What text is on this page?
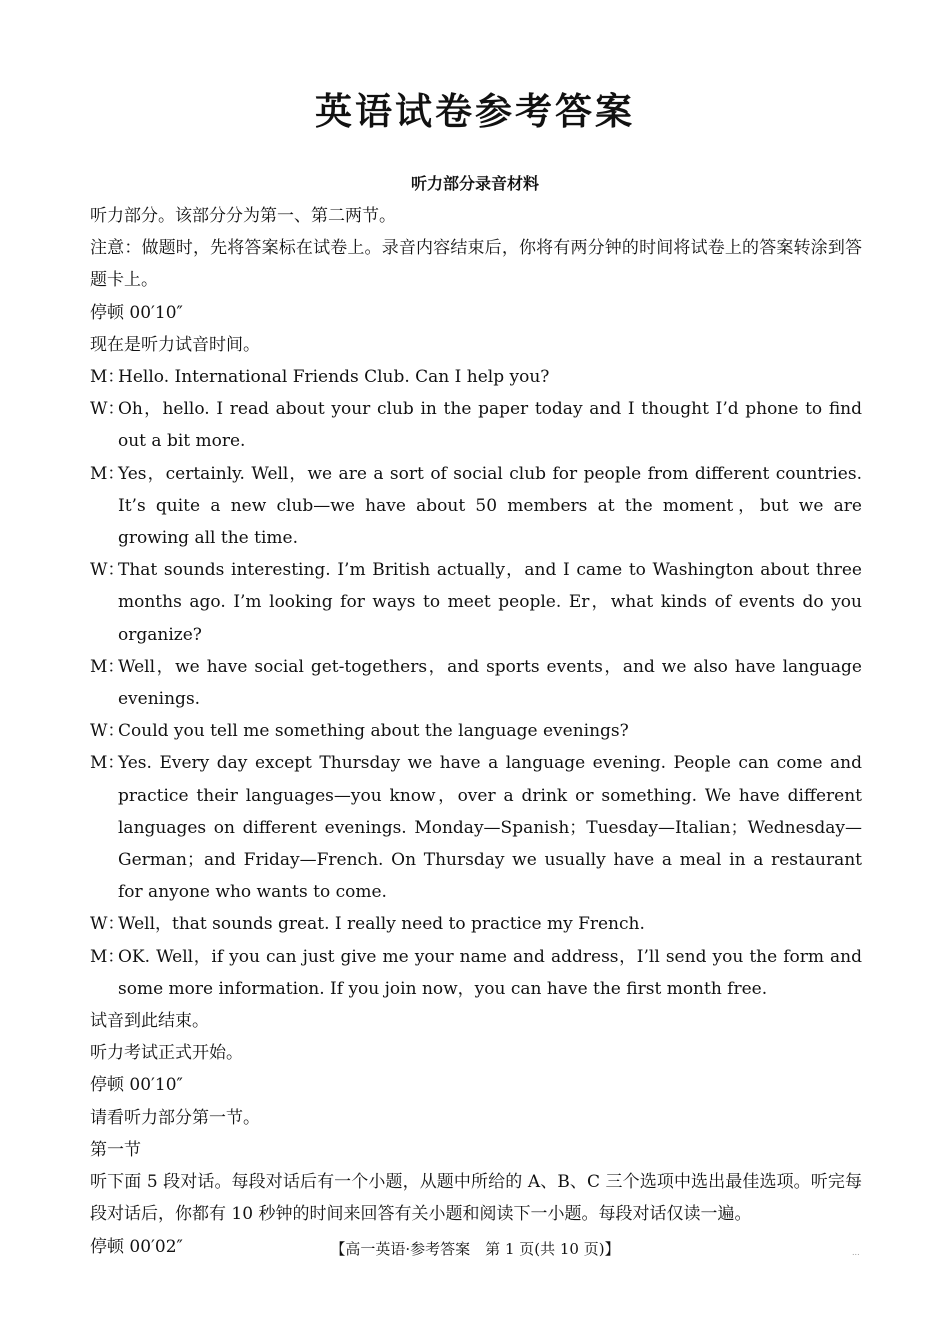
英语试卷参考答案
听力部分录音材料

听力部分。该部分分为第一、第二两节。

注意：做题时，先将答案标在试卷上。录音内容结束后，你将有两分钟的时间将试卷上的答案转涂到答题卡上。

停顿 00′10″

现在是听力试音时间。

M：Hello. International Friends Club. Can I help you?

W：Oh，hello. I read about your club in the paper today and I thought I’d phone to find out a bit more.

M：Yes，certainly. Well，we are a sort of social club for people from different countries. It’s quite a new club—we have about 50 members at the moment，but we are growing all the time.

W：That sounds interesting. I’m British actually，and I came to Washington about three months ago. I’m looking for ways to meet people. Er，what kinds of events do you organize?

M：Well，we have social get-togethers，and sports events，and we also have language evenings.

W：Could you tell me something about the language evenings?

M：Yes. Every day except Thursday we have a language evening. People can come and practice their languages—you know，over a drink or something. We have different languages on different evenings. Monday—Spanish；Tuesday—Italian；Wednesday—German；and Friday—French. On Thursday we usually have a meal in a restaurant for anyone who wants to come.

W：Well，that sounds great. I really need to practice my French.

M：OK. Well，if you can just give me your name and address，I’ll send you the form and some more information. If you join now，you can have the first month free.

试音到此结束。

听力考试正式开始。

停顿 00′10″

请看听力部分第一节。

第一节

听下面 5 段对话。每段对话后有一个小题，从题中所给的 A、B、C 三个选项中选出最佳选项。听完每段对话后，你都有 10 秒钟的时间来回答有关小题和阅读下一小题。每段对话仅读一遍。

停顿 00′02″	【高一英语·参考答案　第 1 页(共 10 页)】	...
